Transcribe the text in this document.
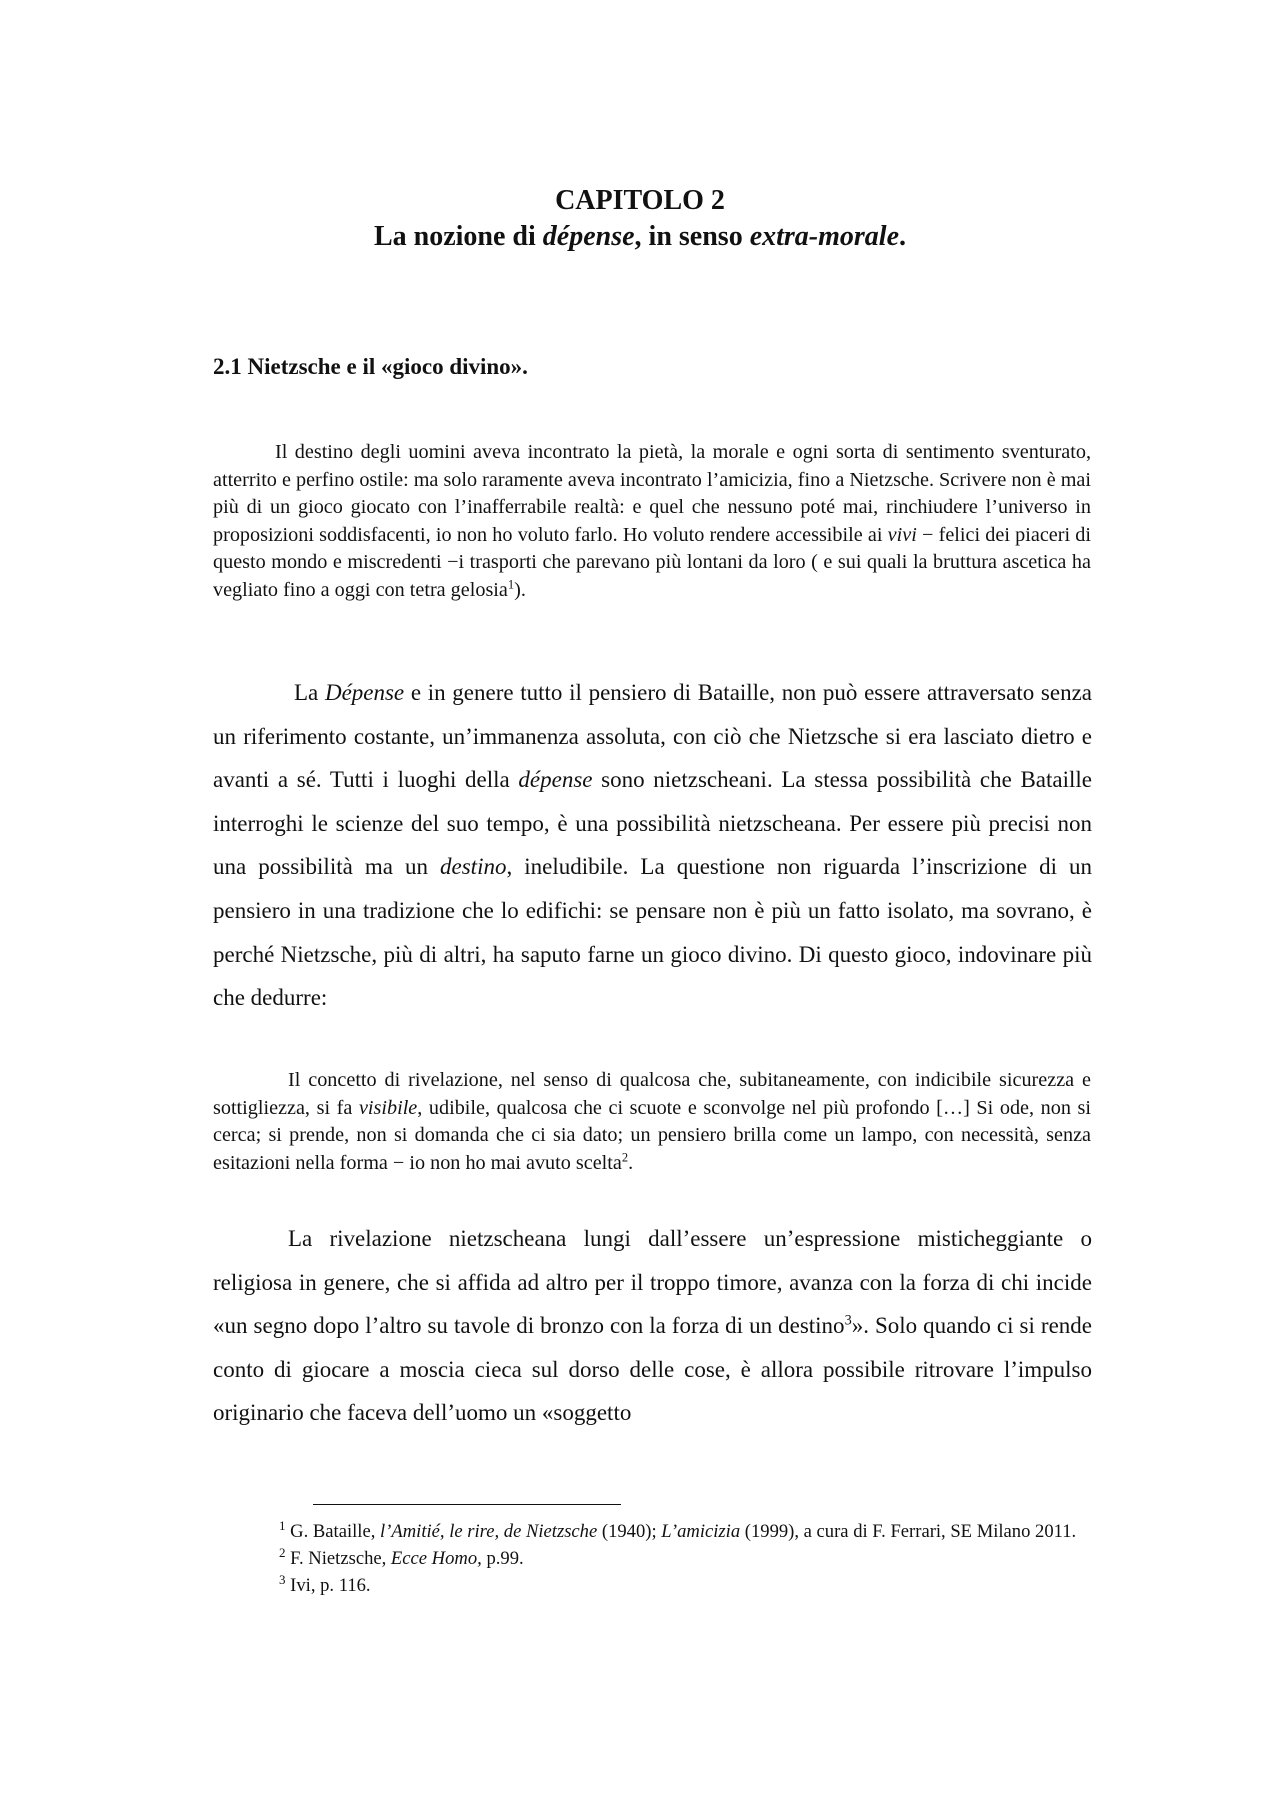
CAPITOLO 2
La nozione di dépense, in senso extra-morale.
2.1 Nietzsche e il «gioco divino».
Il destino degli uomini aveva incontrato la pietà, la morale e ogni sorta di sentimento sventurato, atterrito e perfino ostile: ma solo raramente aveva incontrato l’amicizia, fino a Nietzsche. Scrivere non è mai più di un gioco giocato con l’inafferrabile realtà: e quel che nessuno poté mai, rinchiudere l’universo in proposizioni soddisfacenti, io non ho voluto farlo. Ho voluto rendere accessibile ai vivi − felici dei piaceri di questo mondo e miscredenti −i trasporti che parevano più lontani da loro ( e sui quali la bruttura ascetica ha vegliato fino a oggi con tetra gelosia$^1$).
La Dépense e in genere tutto il pensiero di Bataille, non può essere attraversato senza un riferimento costante, un’immanenza assoluta, con ciò che Nietzsche si era lasciato dietro e avanti a sé. Tutti i luoghi della dépense sono nietzscheani. La stessa possibilità che Bataille interroghi le scienze del suo tempo, è una possibilità nietzscheana. Per essere più precisi non una possibilità ma un destino, ineludibile. La questione non riguarda l’inscrizione di un pensiero in una tradizione che lo edifichi: se pensare non è più un fatto isolato, ma sovrano, è perché Nietzsche, più di altri, ha saputo farne un gioco divino. Di questo gioco, indovinare più che dedurre:
Il concetto di rivelazione, nel senso di qualcosa che, subitaneamente, con indicibile sicurezza e sottigliezza, si fa visibile, udibile, qualcosa che ci scuote e sconvolge nel più profondo […] Si ode, non si cerca; si prende, non si domanda che ci sia dato; un pensiero brilla come un lampo, con necessità, senza esitazioni nella forma − io non ho mai avuto scelta$^2$.
La rivelazione nietzscheana lungi dall’essere un’espressione misticheggiante o religiosa in genere, che si affida ad altro per il troppo timore, avanza con la forza di chi incide «un segno dopo l’altro su tavole di bronzo con la forza di un destino$^3$». Solo quando ci si rende conto di giocare a moscia cieca sul dorso delle cose, è allora possibile ritrovare l’impulso originario che faceva dell’uomo un «soggetto
$^1$ G. Bataille, l’Amitié, le rire, de Nietzsche (1940); L’amicizia (1999), a cura di F. Ferrari, SE Milano 2011.
$^2$ F. Nietzsche, Ecce Homo, p.99.
$^3$ Ivi, p. 116.
